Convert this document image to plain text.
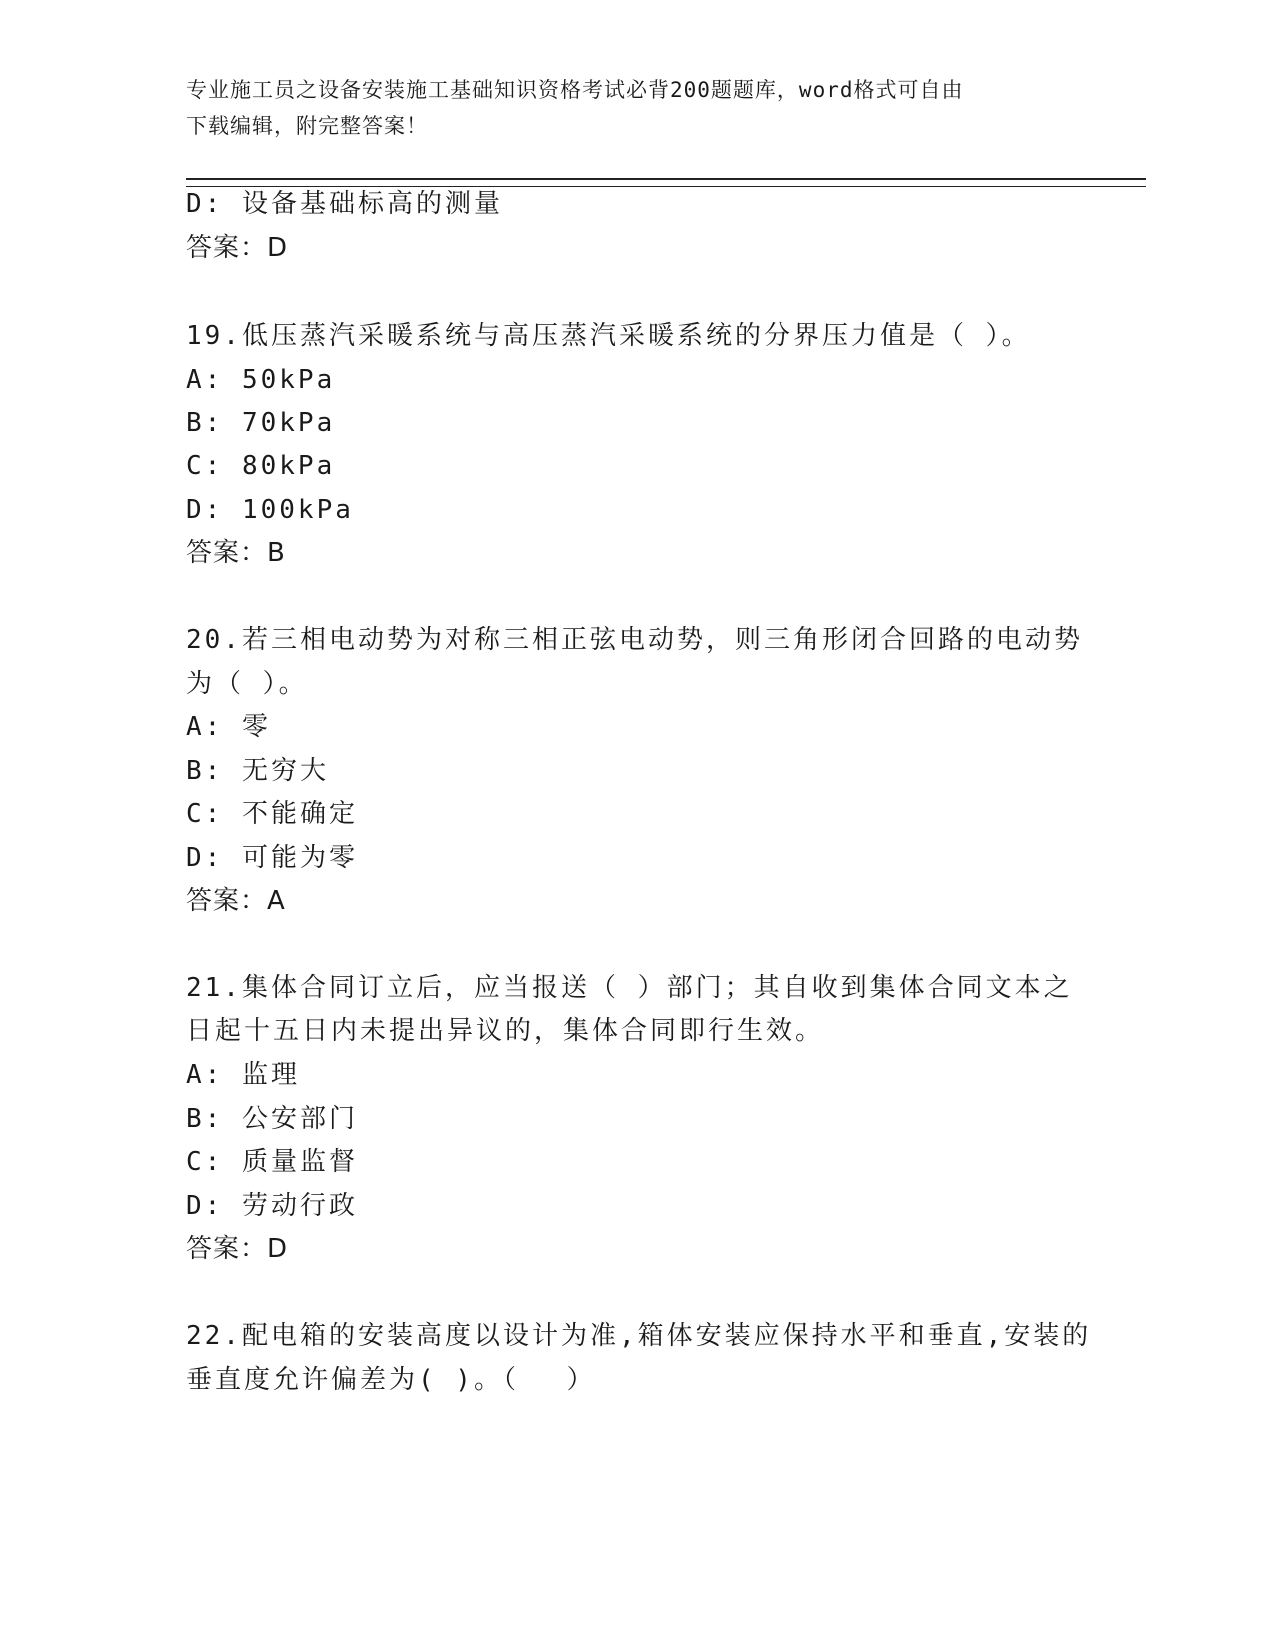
专业施工员之设备安装施工基础知识资格考试必背200题题库，word格式可自由
下载编辑，附完整答案！
D: 设备基础标高的测量
答案：D
19.低压蒸汽采暖系统与高压蒸汽采暖系统的分界压力值是（ ）。
A: 50kPa
B: 70kPa
C: 80kPa
D: 100kPa
答案：B
20.若三相电动势为对称三相正弦电动势，则三角形闭合回路的电动势
为（ ）。
A: 零
B: 无穷大
C: 不能确定
D: 可能为零
答案：A
21.集体合同订立后，应当报送（ ）部门；其自收到集体合同文本之
日起十五日内未提出异议的，集体合同即行生效。
A: 监理
B: 公安部门
C: 质量监督
D: 劳动行政
答案：D
22.配电箱的安装高度以设计为准,箱体安装应保持水平和垂直,安装的
垂直度允许偏差为( )。（　 ）
